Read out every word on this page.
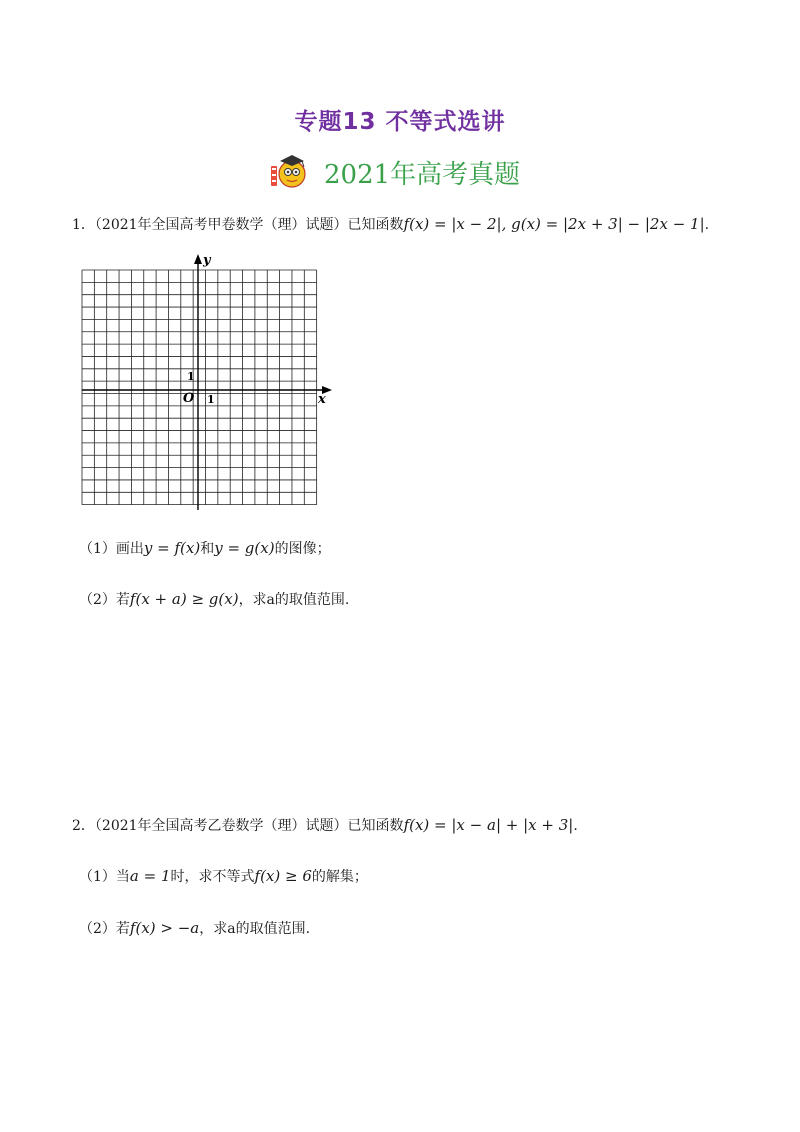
专题13 不等式选讲
2021年高考真题
1．（2021年全国高考甲卷数学（理）试题）已知函数f(x) = |x − 2|, g(x) = |2x + 3| − |2x − 1|.
y
x
O 1
1
（1）画出y = f(x)和y = g(x)的图像；
（2）若f(x + a) ≥ g(x)，求a的取值范围.
2．（2021年全国高考乙卷数学（理）试题）已知函数f(x) = |x − a| + |x + 3|.
（1）当a = 1时，求不等式f(x) ≥ 6的解集；
（2）若f(x) > −a，求a的取值范围.
